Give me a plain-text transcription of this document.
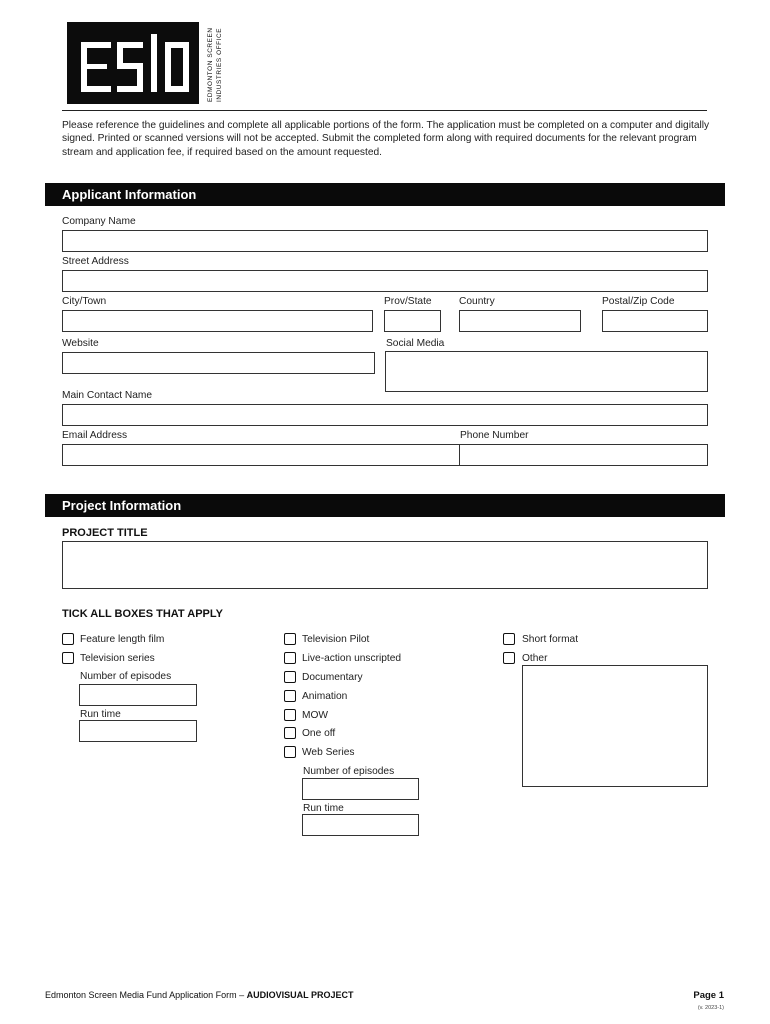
EDMONTON SCREEN INDUSTRIES OFFICE
Please reference the guidelines and complete all applicable portions of the form. The application must be completed on a computer and digitally signed. Printed or scanned versions will not be accepted. Submit the completed form along with required documents for the relevant program stream and application fee, if required based on the amount requested.
Applicant Information
Company Name
Street Address
City/Town	Prov/State	Country	Postal/Zip Code
Website	Social Media
Main Contact Name
Email Address	Phone Number
Project Information
PROJECT TITLE
TICK ALL BOXES THAT APPLY
Feature length film
Television series
Number of episodes
Run time
Television Pilot
Live-action unscripted
Documentary
Animation
MOW
One off
Web Series
Number of episodes
Run time
Short format
Other
Edmonton Screen Media Fund Application Form – AUDIOVISUAL PROJECT	Page 1
(v. 2023-1)
